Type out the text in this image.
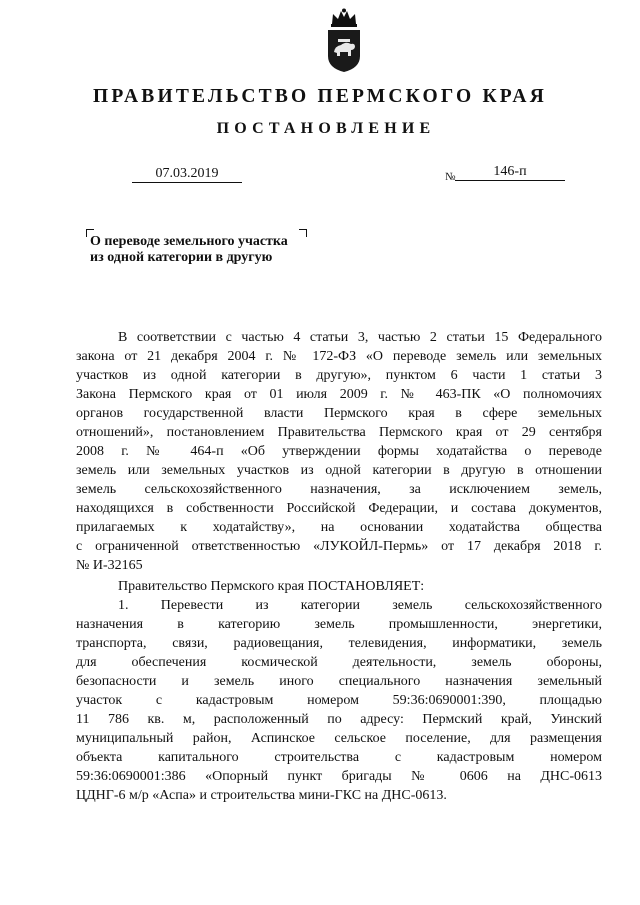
ПРАВИТЕЛЬСТВО ПЕРМСКОГО КРАЯ
ПОСТАНОВЛЕНИЕ
07.03.2019	№	146-п
О переводе земельного участка
из одной категории в другую
В соответствии с частью 4 статьи 3, частью 2 статьи 15 Федерального
закона от 21 декабря 2004 г. № 172-ФЗ «О переводе земель или земельных
участков из одной категории в другую», пунктом 6 части 1 статьи 3
Закона Пермского края от 01 июля 2009 г. № 463-ПК «О полномочиях
органов государственной власти Пермского края в сфере земельных
отношений», постановлением Правительства Пермского края от 29 сентября
2008 г. № 464-п «Об утверждении формы ходатайства о переводе
земель или земельных участков из одной категории в другую в отношении
земель сельскохозяйственного назначения, за исключением земель,
находящихся в собственности Российской Федерации, и состава документов,
прилагаемых к ходатайству», на основании ходатайства общества
с ограниченной ответственностью «ЛУКОЙЛ-Пермь» от 17 декабря 2018 г.
№ И-32165
Правительство Пермского края ПОСТАНОВЛЯЕТ:
1. Перевести из категории земель сельскохозяйственного
назначения в категорию земель промышленности, энергетики,
транспорта, связи, радиовещания, телевидения, информатики, земель
для обеспечения космической деятельности, земель обороны,
безопасности и земель иного специального назначения земельный
участок с кадастровым номером 59:36:0690001:390, площадью
11 786 кв. м, расположенный по адресу: Пермский край, Уинский
муниципальный район, Аспинское сельское поселение, для размещения
объекта капитального строительства с кадастровым номером
59:36:0690001:386 «Опорный пункт бригады № 0606 на ДНС-0613
ЦДНГ-6 м/р «Аспа» и строительства мини-ГКС на ДНС-0613.
